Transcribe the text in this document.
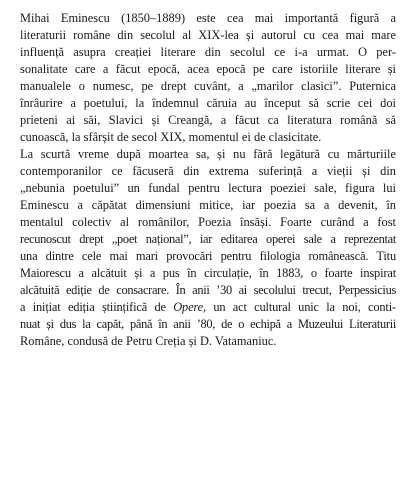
Mihai Eminescu (1850–1889) este cea mai importantă figură a
literaturii române din secolul al XIX-lea și autorul cu cea mai mare
influență asupra creației literare din secolul ce i-a urmat. O per-
sonalitate care a făcut epocă, acea epocă pe care istoriile literare și
manualele o numesc, pe drept cuvânt, a „marilor clasici”. Puternica
înrâurire a poetului, la îndemnul căruia au început să scrie cei doi
prieteni ai săi, Slavici și Creangă, a făcut ca literatura română să
cunoască, la sfârșit de secol XIX, momentul ei de clasicitate.
La scurtă vreme după moartea sa, și nu fără legătură cu mărturiile
contemporanilor ce făcuseră din extrema suferință a vieții și din
„nebunia poetului” un fundal pentru lectura poeziei sale, figura lui
Eminescu a căpătat dimensiuni mitice, iar poezia sa a devenit, în
mentalul colectiv al românilor, Poezia însăși. Foarte curând a fost
recunoscut drept „poet național”, iar editarea operei sale a reprezentat
una dintre cele mai mari provocări pentru filologia românească. Titu
Maiorescu a alcătuit și a pus în circulație, în 1883, o foarte inspirat
alcătuită ediție de consacrare. În anii ’30 ai secolului trecut, Perpessicius
a inițiat ediția științifică de Opere, un act cultural unic la noi, conti-
nuat și dus la capăt, până în anii ’80, de o echipă a Muzeului Literaturii
Române, condusă de Petru Creția și D. Vatamaniuc.
